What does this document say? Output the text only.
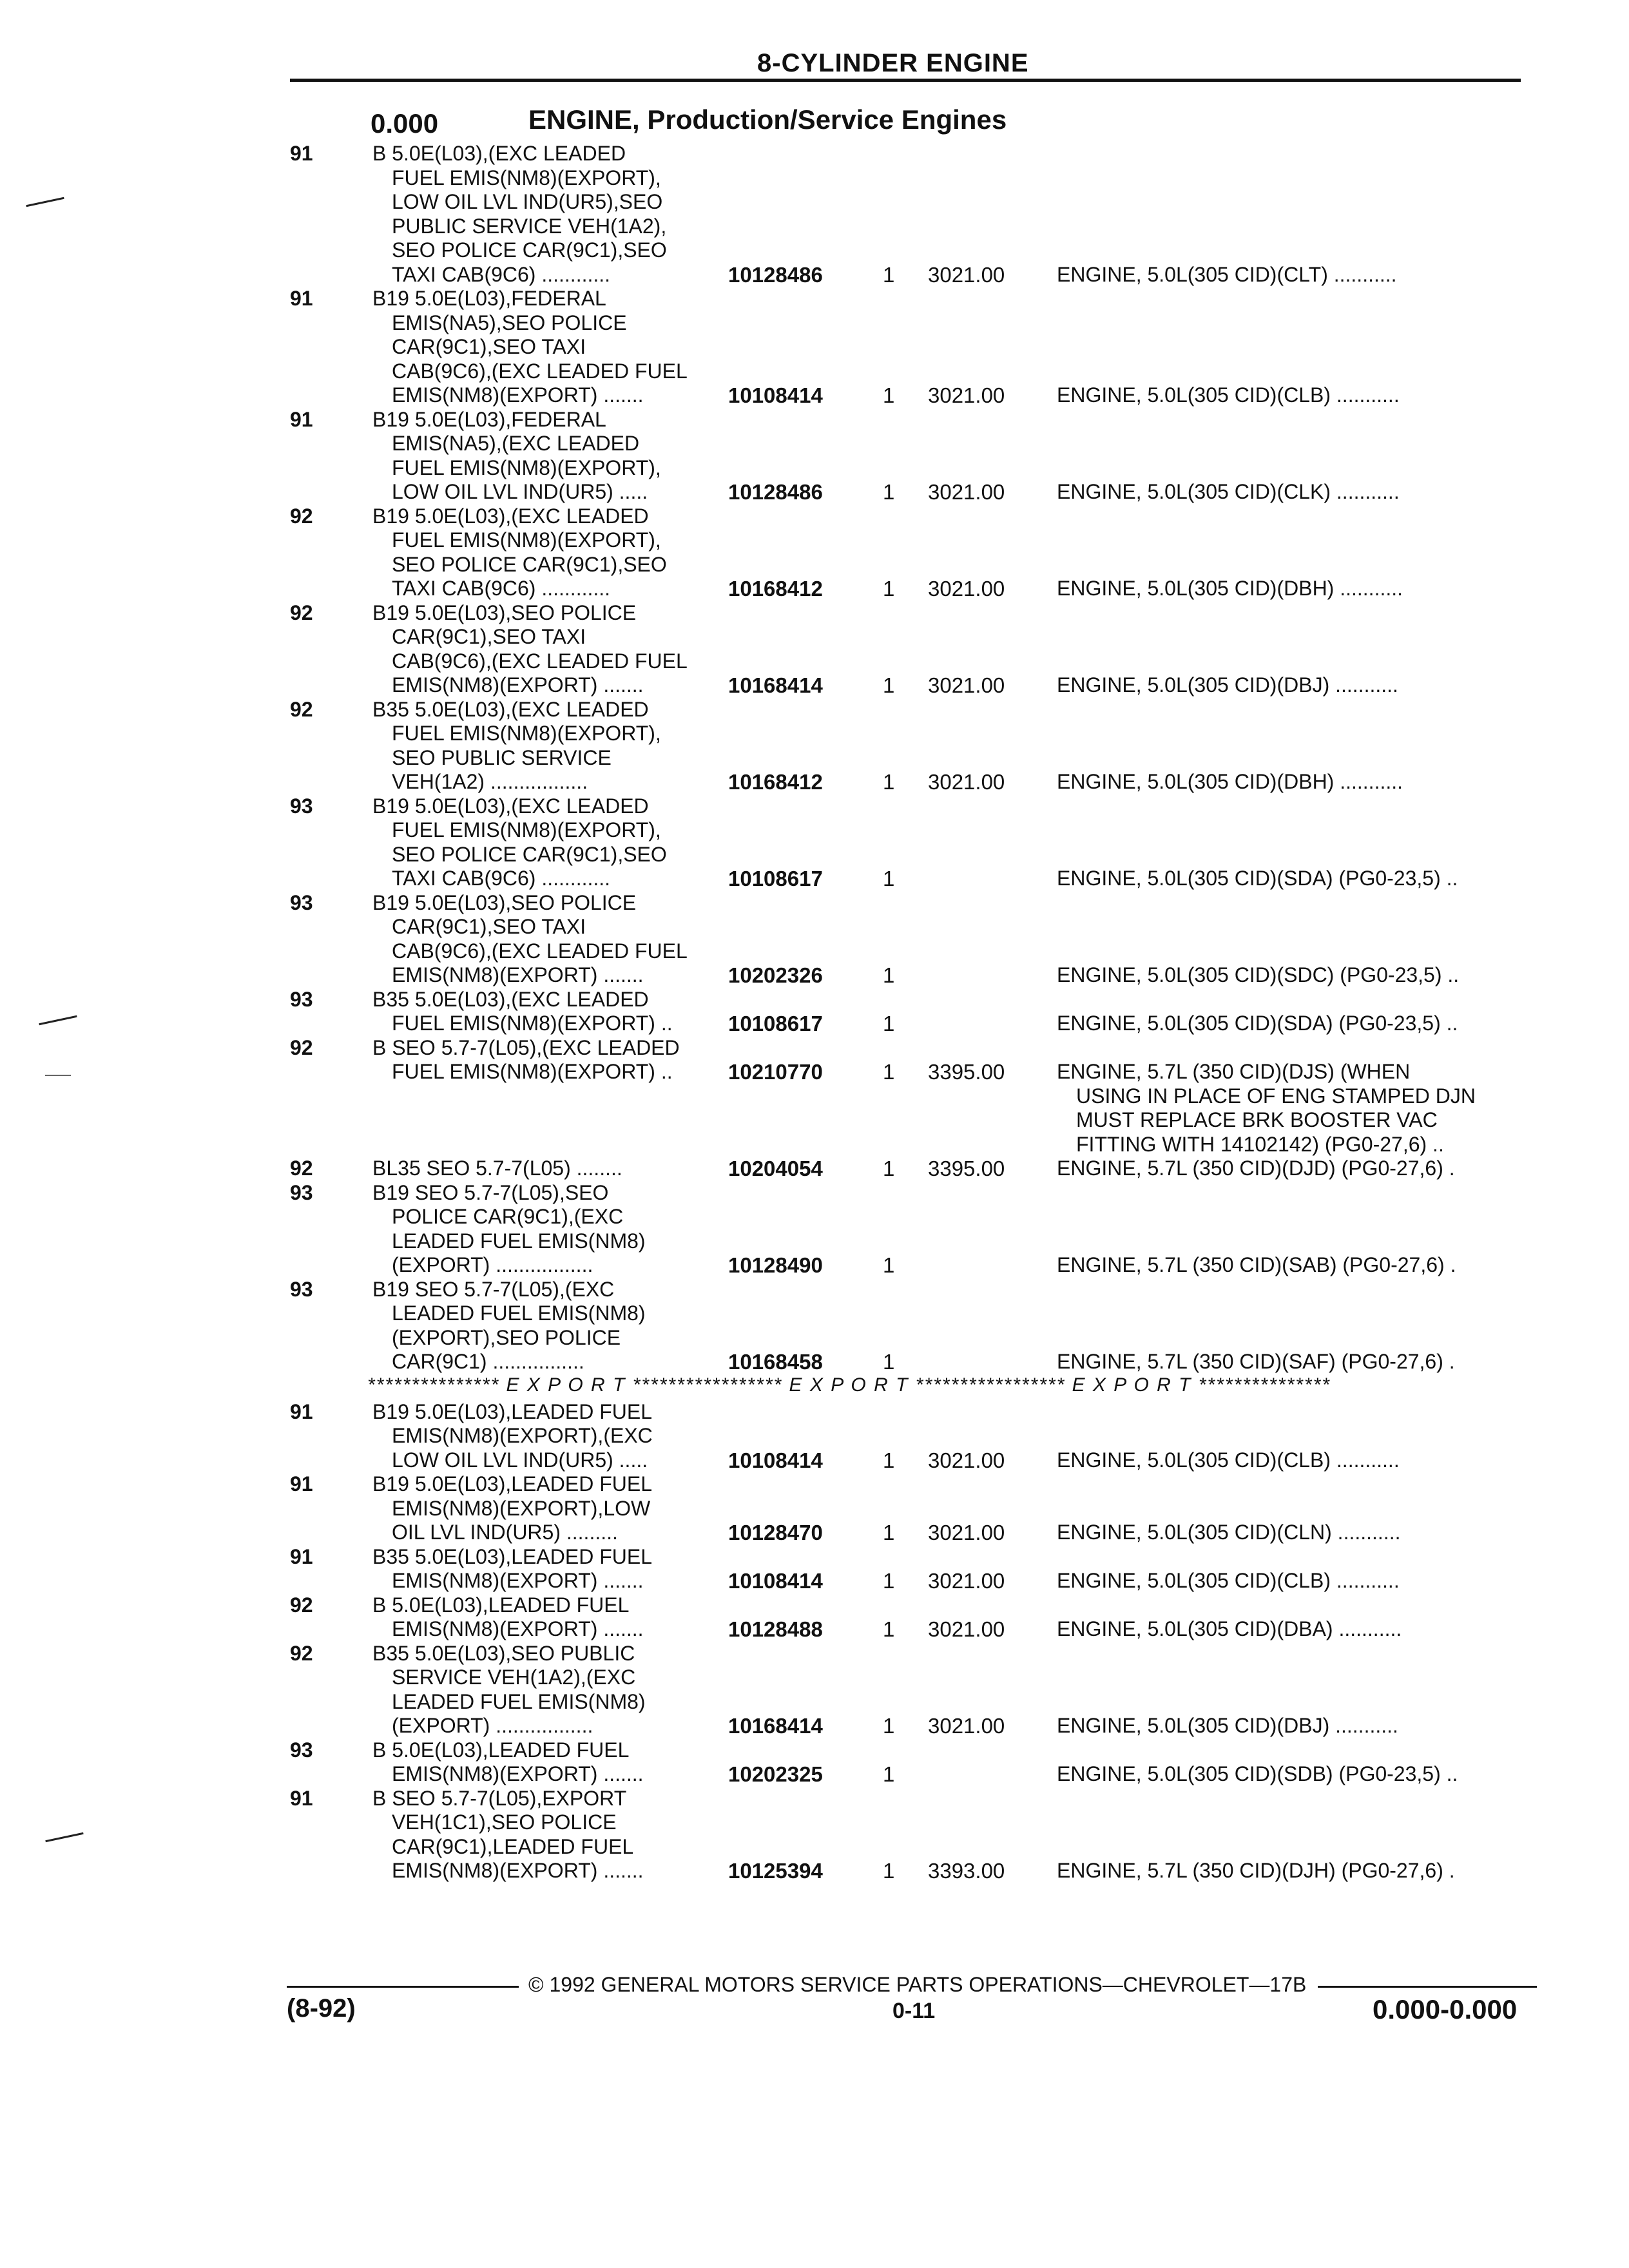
8-CYLINDER ENGINE
0.000	ENGINE, Production/Service Engines
91	B 5.0E(L03),(EXC LEADED
FUEL EMIS(NM8)(EXPORT),
LOW OIL LVL IND(UR5),SEO
PUBLIC SERVICE VEH(1A2),
SEO POLICE CAR(9C1),SEO
TAXI CAB(9C6) ............	10128486	1 3021.00	ENGINE, 5.0L(305 CID)(CLT) ...........
91	B19 5.0E(L03),FEDERAL
EMIS(NA5),SEO POLICE
CAR(9C1),SEO TAXI
CAB(9C6),(EXC LEADED FUEL
EMIS(NM8)(EXPORT) .......	10108414	1 3021.00	ENGINE, 5.0L(305 CID)(CLB) ...........
91	B19 5.0E(L03),FEDERAL
EMIS(NA5),(EXC LEADED
FUEL EMIS(NM8)(EXPORT),
LOW OIL LVL IND(UR5) .....	10128486	1 3021.00	ENGINE, 5.0L(305 CID)(CLK) ...........
92	B19 5.0E(L03),(EXC LEADED
FUEL EMIS(NM8)(EXPORT),
SEO POLICE CAR(9C1),SEO
TAXI CAB(9C6) ............	10168412	1 3021.00	ENGINE, 5.0L(305 CID)(DBH) ...........
92	B19 5.0E(L03),SEO POLICE
CAR(9C1),SEO TAXI
CAB(9C6),(EXC LEADED FUEL
EMIS(NM8)(EXPORT) .......	10168414	1 3021.00	ENGINE, 5.0L(305 CID)(DBJ) ...........
92	B35 5.0E(L03),(EXC LEADED
FUEL EMIS(NM8)(EXPORT),
SEO PUBLIC SERVICE
VEH(1A2) .................	10168412	1 3021.00	ENGINE, 5.0L(305 CID)(DBH) ...........
93	B19 5.0E(L03),(EXC LEADED
FUEL EMIS(NM8)(EXPORT),
SEO POLICE CAR(9C1),SEO
TAXI CAB(9C6) ............	10108617	1	ENGINE, 5.0L(305 CID)(SDA) (PG0-23,5) ..
93	B19 5.0E(L03),SEO POLICE
CAR(9C1),SEO TAXI
CAB(9C6),(EXC LEADED FUEL
EMIS(NM8)(EXPORT) .......	10202326	1	ENGINE, 5.0L(305 CID)(SDC) (PG0-23,5) ..
93	B35 5.0E(L03),(EXC LEADED
FUEL EMIS(NM8)(EXPORT) ..	10108617	1	ENGINE, 5.0L(305 CID)(SDA) (PG0-23,5) ..
92	B SEO 5.7-7(L05),(EXC LEADED
FUEL EMIS(NM8)(EXPORT) ..	10210770	1 3395.00	ENGINE, 5.7L (350 CID)(DJS) (WHEN
USING IN PLACE OF ENG STAMPED DJN
MUST REPLACE BRK BOOSTER VAC
FITTING WITH 14102142) (PG0-27,6) ..
92	BL35 SEO 5.7-7(L05) ........	10204054	1 3395.00	ENGINE, 5.7L (350 CID)(DJD) (PG0-27,6) .
93	B19 SEO 5.7-7(L05),SEO
POLICE CAR(9C1),(EXC
LEADED FUEL EMIS(NM8)
(EXPORT) .................	10128490	1	ENGINE, 5.7L (350 CID)(SAB) (PG0-27,6) .
93	B19 SEO 5.7-7(L05),(EXC
LEADED FUEL EMIS(NM8)
(EXPORT),SEO POLICE
CAR(9C1) ................	10168458	1	ENGINE, 5.7L (350 CID)(SAF) (PG0-27,6) .
*************** E X P O R T ***************** E X P O R T ***************** E X P O R T ***************
91	B19 5.0E(L03),LEADED FUEL
EMIS(NM8)(EXPORT),(EXC
LOW OIL LVL IND(UR5) .....	10108414	1 3021.00	ENGINE, 5.0L(305 CID)(CLB) ...........
91	B19 5.0E(L03),LEADED FUEL
EMIS(NM8)(EXPORT),LOW
OIL LVL IND(UR5) .........	10128470	1 3021.00	ENGINE, 5.0L(305 CID)(CLN) ...........
91	B35 5.0E(L03),LEADED FUEL
EMIS(NM8)(EXPORT) .......	10108414	1 3021.00	ENGINE, 5.0L(305 CID)(CLB) ...........
92	B 5.0E(L03),LEADED FUEL
EMIS(NM8)(EXPORT) .......	10128488	1 3021.00	ENGINE, 5.0L(305 CID)(DBA) ...........
92	B35 5.0E(L03),SEO PUBLIC
SERVICE VEH(1A2),(EXC
LEADED FUEL EMIS(NM8)
(EXPORT) .................	10168414	1 3021.00	ENGINE, 5.0L(305 CID)(DBJ) ...........
93	B 5.0E(L03),LEADED FUEL
EMIS(NM8)(EXPORT) .......	10202325	1	ENGINE, 5.0L(305 CID)(SDB) (PG0-23,5) ..
91	B SEO 5.7-7(L05),EXPORT
VEH(1C1),SEO POLICE
CAR(9C1),LEADED FUEL
EMIS(NM8)(EXPORT) .......	10125394	1 3393.00	ENGINE, 5.7L (350 CID)(DJH) (PG0-27,6) .
© 1992 GENERAL MOTORS SERVICE PARTS OPERATIONS—CHEVROLET—17B
(8-92)	0-11	0.000-0.000
